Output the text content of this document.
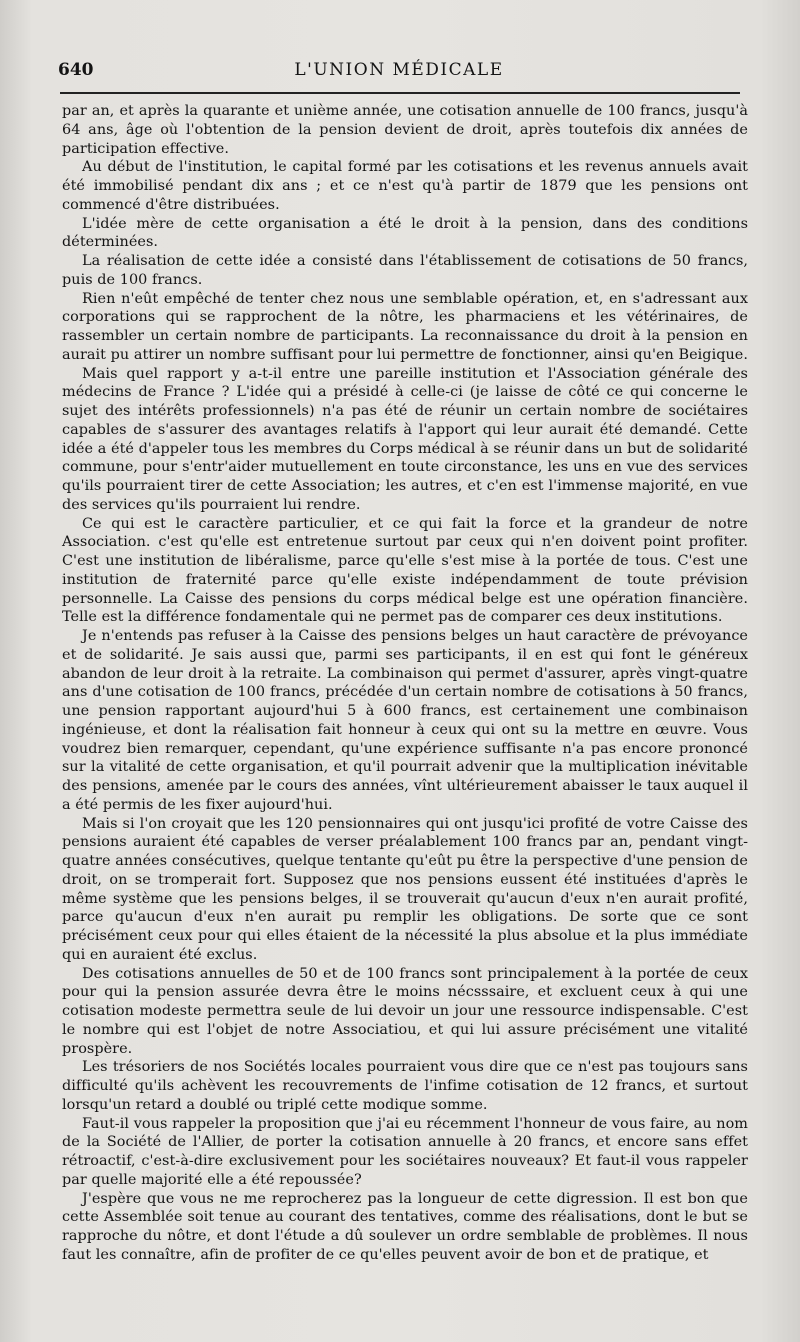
640	L'UNION MÉDICALE

par an, et après la quarante et unième année, une cotisation annuelle de 100 francs, jusqu'à 64 ans, âge où l'obtention de la pension devient de droit, après toutefois dix années de participation effective.

Au début de l'institution, le capital formé par les cotisations et les revenus annuels avait été immobilisé pendant dix ans ; et ce n'est qu'à partir de 1879 que les pensions ont commencé d'être distribuées.

L'idée mère de cette organisation a été le droit à la pension, dans des conditions déterminées.

La réalisation de cette idée a consisté dans l'établissement de cotisations de 50 francs, puis de 100 francs.

Rien n'eût empêché de tenter chez nous une semblable opération, et, en s'adressant aux corporations qui se rapprochent de la nôtre, les pharmaciens et les vétérinaires, de rassembler un certain nombre de participants. La reconnaissance du droit à la pension en aurait pu attirer un nombre suffisant pour lui permettre de fonctionner, ainsi qu'en Beigique.

Mais quel rapport y a-t-il entre une pareille institution et l'Association générale des médecins de France ? L'idée qui a présidé à celle-ci (je laisse de côté ce qui concerne le sujet des intérêts professionnels) n'a pas été de réunir un certain nombre de sociétaires capables de s'assurer des avantages relatifs à l'apport qui leur aurait été demandé. Cette idée a été d'appeler tous les membres du Corps médical à se réunir dans un but de solidarité commune, pour s'entr'aider mutuellement en toute circonstance, les uns en vue des services qu'ils pourraient tirer de cette Association; les autres, et c'en est l'immense majorité, en vue des services qu'ils pourraient lui rendre.

Ce qui est le caractère particulier, et ce qui fait la force et la grandeur de notre Association. c'est qu'elle est entretenue surtout par ceux qui n'en doivent point profiter. C'est une institution de libéralisme, parce qu'elle s'est mise à la portée de tous. C'est une institution de fraternité parce qu'elle existe indépendamment de toute prévision personnelle. La Caisse des pensions du corps médical belge est une opération financière. Telle est la différence fondamentale qui ne permet pas de comparer ces deux institutions.

Je n'entends pas refuser à la Caisse des pensions belges un haut caractère de prévoyance et de solidarité. Je sais aussi que, parmi ses participants, il en est qui font le généreux abandon de leur droit à la retraite. La combinaison qui permet d'assurer, après vingt-quatre ans d'une cotisation de 100 francs, précédée d'un certain nombre de cotisations à 50 francs, une pension rapportant aujourd'hui 5 à 600 francs, est certainement une combinaison ingénieuse, et dont la réalisation fait honneur à ceux qui ont su la mettre en œuvre. Vous voudrez bien remarquer, cependant, qu'une expérience suffisante n'a pas encore prononcé sur la vitalité de cette organisation, et qu'il pourrait advenir que la multiplication inévitable des pensions, amenée par le cours des années, vînt ultérieurement abaisser le taux auquel il a été permis de les fixer aujourd'hui.

Mais si l'on croyait que les 120 pensionnaires qui ont jusqu'ici profité de votre Caisse des pensions auraient été capables de verser préalablement 100 francs par an, pendant vingt-quatre années consécutives, quelque tentante qu'eût pu être la perspective d'une pension de droit, on se tromperait fort. Supposez que nos pensions eussent été instituées d'après le même système que les pensions belges, il se trouverait qu'aucun d'eux n'en aurait profité, parce qu'aucun d'eux n'en aurait pu remplir les obligations. De sorte que ce sont précisément ceux pour qui elles étaient de la nécessité la plus absolue et la plus immédiate qui en auraient été exclus.

Des cotisations annuelles de 50 et de 100 francs sont principalement à la portée de ceux pour qui la pension assurée devra être le moins nécsssaire, et excluent ceux à qui une cotisation modeste permettra seule de lui devoir un jour une ressource indispensable. C'est le nombre qui est l'objet de notre Associatiou, et qui lui assure précisément une vitalité prospère.

Les trésoriers de nos Sociétés locales pourraient vous dire que ce n'est pas toujours sans difficulté qu'ils achèvent les recouvrements de l'infime cotisation de 12 francs, et surtout lorsqu'un retard a doublé ou triplé cette modique somme.

Faut-il vous rappeler la proposition que j'ai eu récemment l'honneur de vous faire, au nom de la Société de l'Allier, de porter la cotisation annuelle à 20 francs, et encore sans effet rétroactif, c'est-à-dire exclusivement pour les sociétaires nouveaux? Et faut-il vous rappeler par quelle majorité elle a été repoussée?

J'espère que vous ne me reprocherez pas la longueur de cette digression. Il est bon que cette Assemblée soit tenue au courant des tentatives, comme des réalisations, dont le but se rapproche du nôtre, et dont l'étude a dû soulever un ordre semblable de problèmes. Il nous faut les connaître, afin de profiter de ce qu'elles peuvent avoir de bon et de pratique, et
